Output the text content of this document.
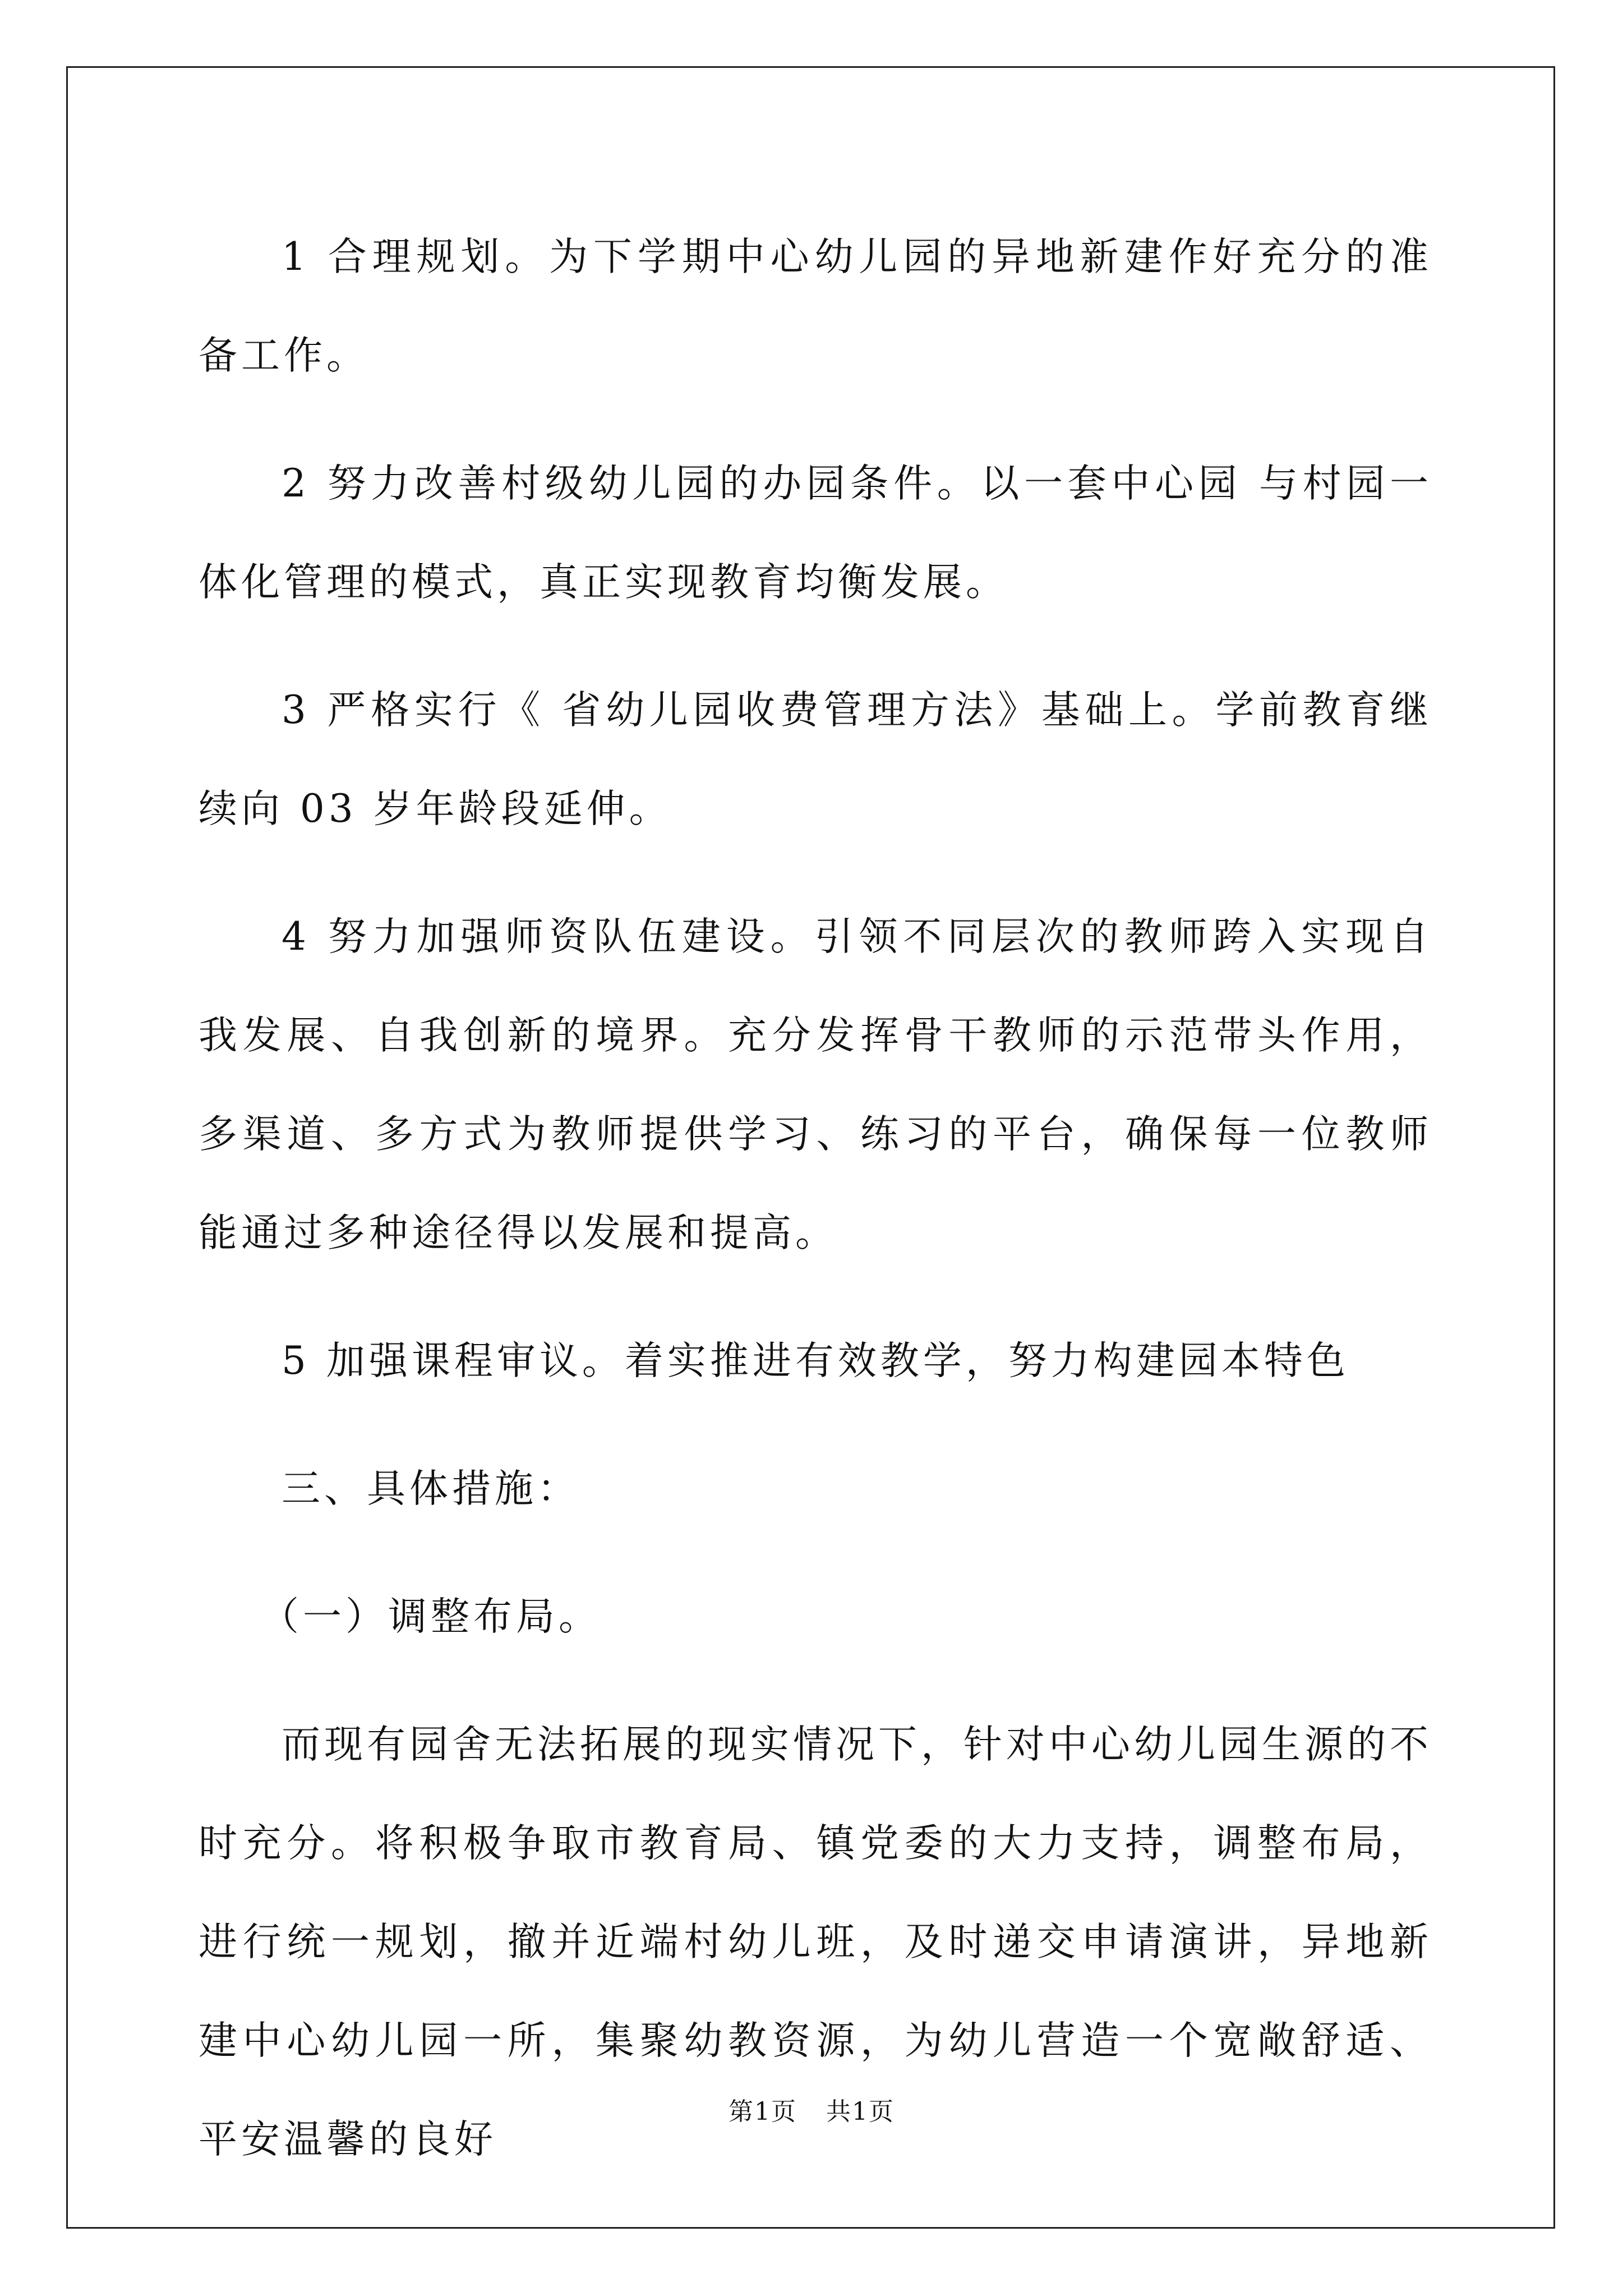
1 合理规划。为下学期中心幼儿园的异地新建作好充分的准备工作。

2 努力改善村级幼儿园的办园条件。以一套中心园 与村园一体化管理的模式，真正实现教育均衡发展。

3 严格实行《 省幼儿园收费管理方法》基础上。学前教育继续向 03 岁年龄段延伸。

4 努力加强师资队伍建设。引领不同层次的教师跨入实现自我发展、自我创新的境界。充分发挥骨干教师的示范带头作用，多渠道、多方式为教师提供学习、练习的平台，确保每一位教师能通过多种途径得以发展和提高。

5 加强课程审议。着实推进有效教学，努力构建园本特色

三、具体措施：

（一）调整布局。

而现有园舍无法拓展的现实情况下，针对中心幼儿园生源的不时充分。将积极争取市教育局、镇党委的大力支持，调整布局，进行统一规划，撤并近端村幼儿班，及时递交申请演讲，异地新建中心幼儿园一所，集聚幼教资源，为幼儿营造一个宽敞舒适、平安温馨的良好

第1页 共1页
